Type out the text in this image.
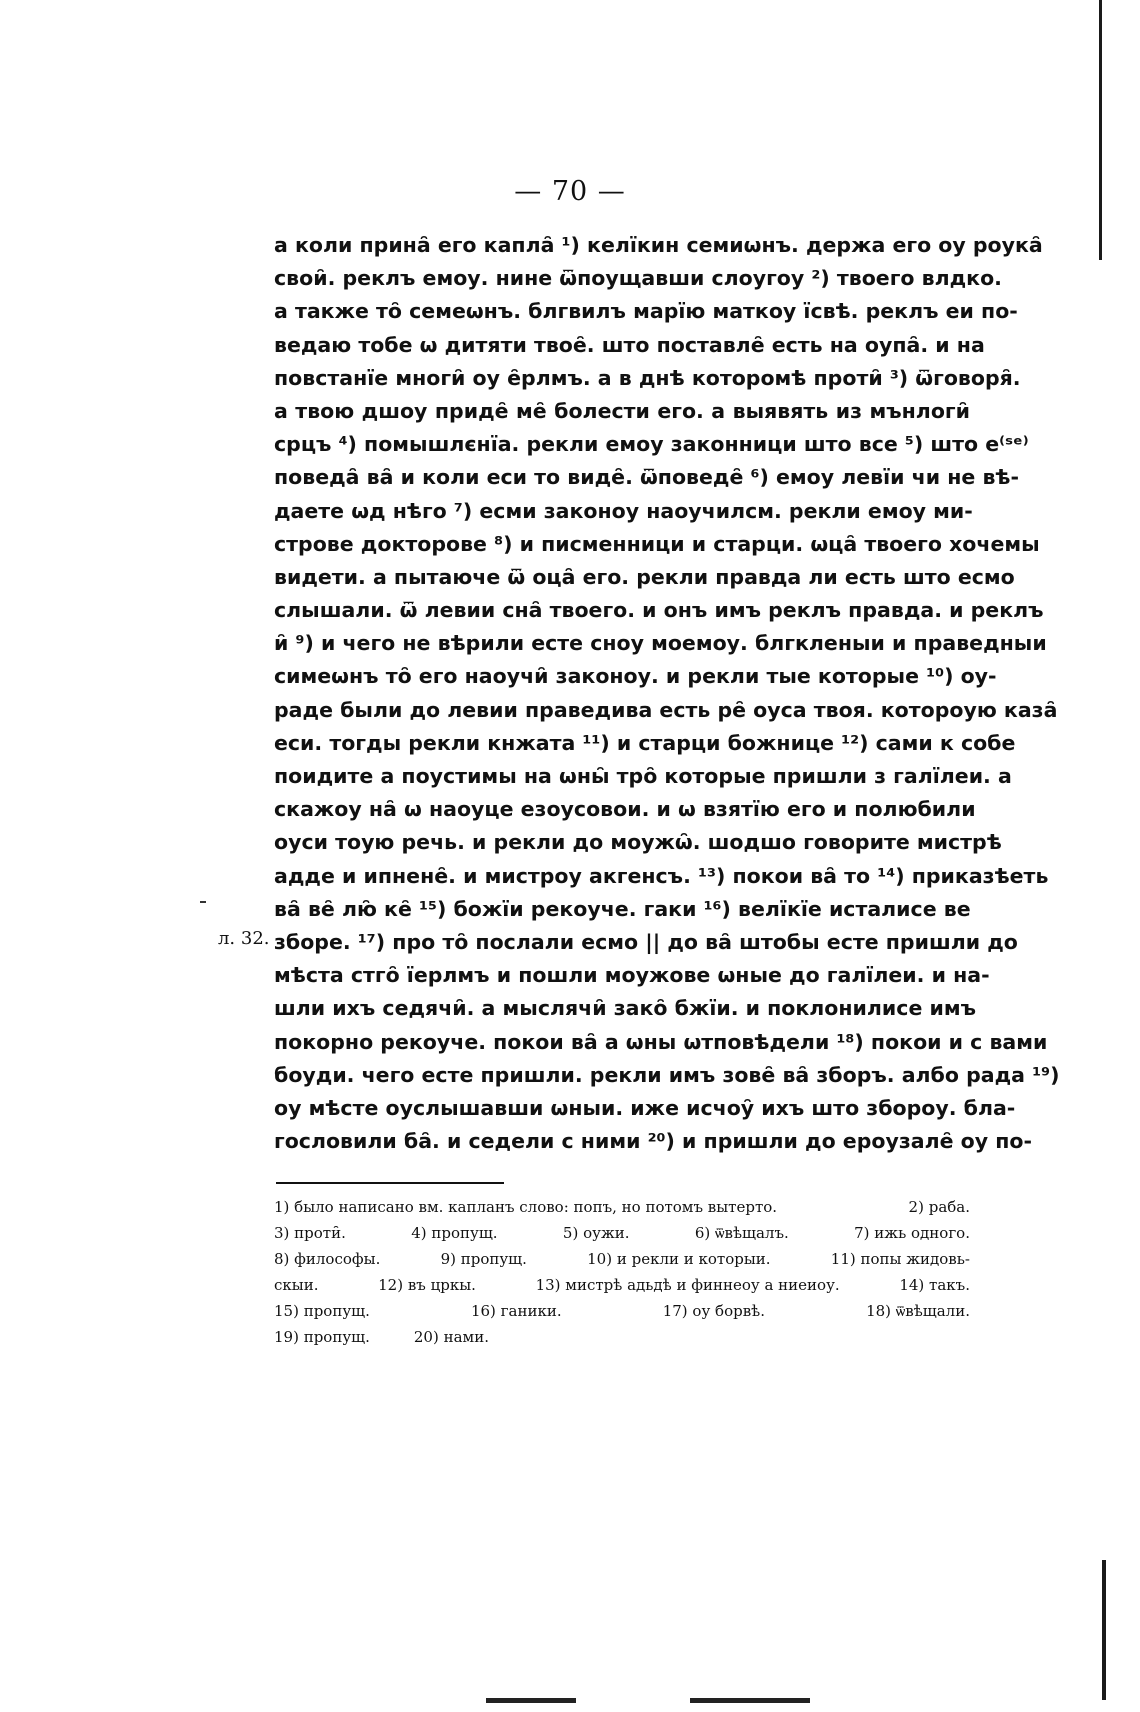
— 70 —
л. 32.
а коли прина̑ его капла̑ ¹) келїкин семиѡнъ. держа его оу роука̑
свои̑. реклъ емоу. нине ѿпоущавши слоугоу ²) твоего влдко.
а также то̑ семеѡнъ. блгвилъ марїю маткоу їсвѣ. реклъ еи по-
ведаю тобе ѡ дитяти твое̑. што поставле̑ есть на оупа̑. и на
повстанїе многи̑ оу е̑рлмъ. а в днѣ которомѣ проти̑ ³) ѿговоря̑.
а твою дшоу приде̑ ме̑ болести его. а выявять из мънлоги̑
срцъ ⁴) помышлєнїа. рекли емоу законници што все ⁵) што е⁽ˢᵉ⁾
поведа̑ ва̑ и коли еси то виде̑. ѿповеде̑ ⁶) емоу левїи чи не вѣ-
даете ѡд нѣго ⁷) есми законоу наоучилсм. рекли емоу ми-
строве докторове ⁸) и писменници и старци. ѡца̑ твоего хочемы
видети. а пытаюче ѿ оца̑ его. рекли правда ли есть што есмо
слышали. ѿ левии сна̑ твоего. и онъ имъ реклъ правда. и реклъ
и̑ ⁹) и чего не вѣрили есте сноу моемоу. блгкленыи и праведныи
симеѡнъ то̑ его наоучи̑ законоу. и рекли тые которые ¹⁰) оу-
раде были до левии праведива есть ре̑ оуса твоя. котороую каза̑
еси. тогды рекли кнжата ¹¹) и старци божнице ¹²) сами к собе
поидите а поустимы на ѡны̑ тро̑ которые пришли з галїлеи. а
скажоу на̑ ѡ наоуце езоусовои. и ѡ взятїю его и полюбили
оуси тоую речь. и рекли до моужѡ̑. шодшо говорите мистрѣ
адде и ипнене̑. и мистроу акгенсъ. ¹³) покои ва̑ то ¹⁴) приказѣеть
ва̑ ве̑ лю̑ ке̑ ¹⁵) божїи рекоуче. гаки ¹⁶) велїкїе исталисе ве
зборе. ¹⁷) про то̑ послали есмо || до ва̑ штобы есте пришли до
мѣста стго̑ їерлмъ и пошли моужове ѡные до галїлеи. и на-
шли ихъ седячи̑. а мыслячи̑ зако̑ бжїи. и поклонилисе имъ
покорно рекоуче. покои ва̑ а ѡны ѡтповѣдели ¹⁸) покои и с вами
боуди. чего есте пришли. рекли имъ зове̑ ва̑ зборъ. албо рада ¹⁹)
оу мѣсте оуслышавши ѡныи. иже исчоу̑ ихъ што збороу. бла-
гословили ба̑. и седели с ними ²⁰) и пришли до ероузале̑ оу по-
1) было написано вм. капланъ слово: попъ, но потомъ вытерто.	2) раба.
3) проти̑.	4) пропущ.	5) оужи.	6) ѿвѣщалъ.	7) ижь одного.
8) философы.	9) пропущ.	10) и рекли и которыи.	11) попы жидовь-
скыи.	12) въ цркы.	13) мистрѣ адьдѣ и финнеоу а ниеиоу.	14) такъ.
15) пропущ.	16) ганики.	17) оу борвѣ.	18) ѿвѣщали.
19) пропущ.	20) нами.
